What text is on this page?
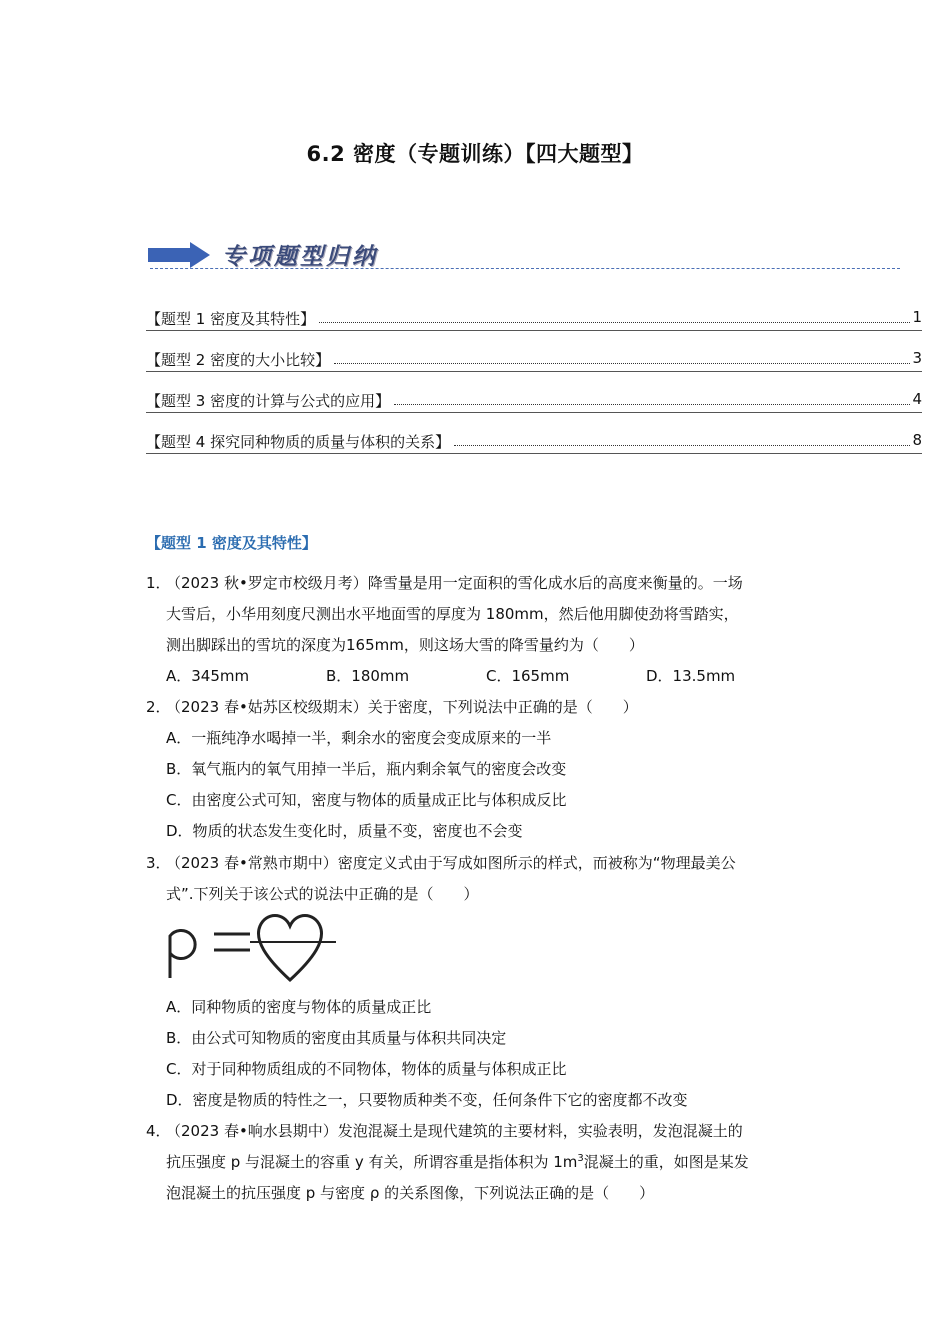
6.2 密度（专题训练）【四大题型】
专项题型归纳
【题型 1 密度及其特性】	1
【题型 2 密度的大小比较】	3
【题型 3 密度的计算与公式的应用】	4
【题型 4 探究同种物质的质量与体积的关系】	8
【题型 1 密度及其特性】
1．
（2023 秋•罗定市校级月考）降雪量是用一定面积的雪化成水后的高度来衡量的。一场
大雪后，小华用刻度尺测出水平地面雪的厚度为 180mm，然后他用脚使劲将雪踏实，
测出脚踩出的雪坑的深度为165mm，则这场大雪的降雪量约为（　　）
A．345mm	B．180mm	C．165mm	D．13.5mm
2．
（2023 春•姑苏区校级期末）关于密度，下列说法中正确的是（　　）
A．一瓶纯净水喝掉一半，剩余水的密度会变成原来的一半
B．氧气瓶内的氧气用掉一半后，瓶内剩余氧气的密度会改变
C．由密度公式可知，密度与物体的质量成正比与体积成反比
D．物质的状态发生变化时，质量不变，密度也不会变
3．
（2023 春•常熟市期中）密度定义式由于写成如图所示的样式，而被称为“物理最美公
式”.下列关于该公式的说法中正确的是（　　）
A．同种物质的密度与物体的质量成正比
B．由公式可知物质的密度由其质量与体积共同决定
C．对于同种物质组成的不同物体，物体的质量与体积成正比
D．密度是物质的特性之一，只要物质种类不变，任何条件下它的密度都不改变
4．
（2023 春•响水县期中）发泡混凝土是现代建筑的主要材料，实验表明，发泡混凝土的
抗压强度 p 与混凝土的容重 y 有关，所谓容重是指体积为 $1m^3$混凝土的重，如图是某发
泡混凝土的抗压强度 p 与密度 ρ 的关系图像，下列说法正确的是（　　）
